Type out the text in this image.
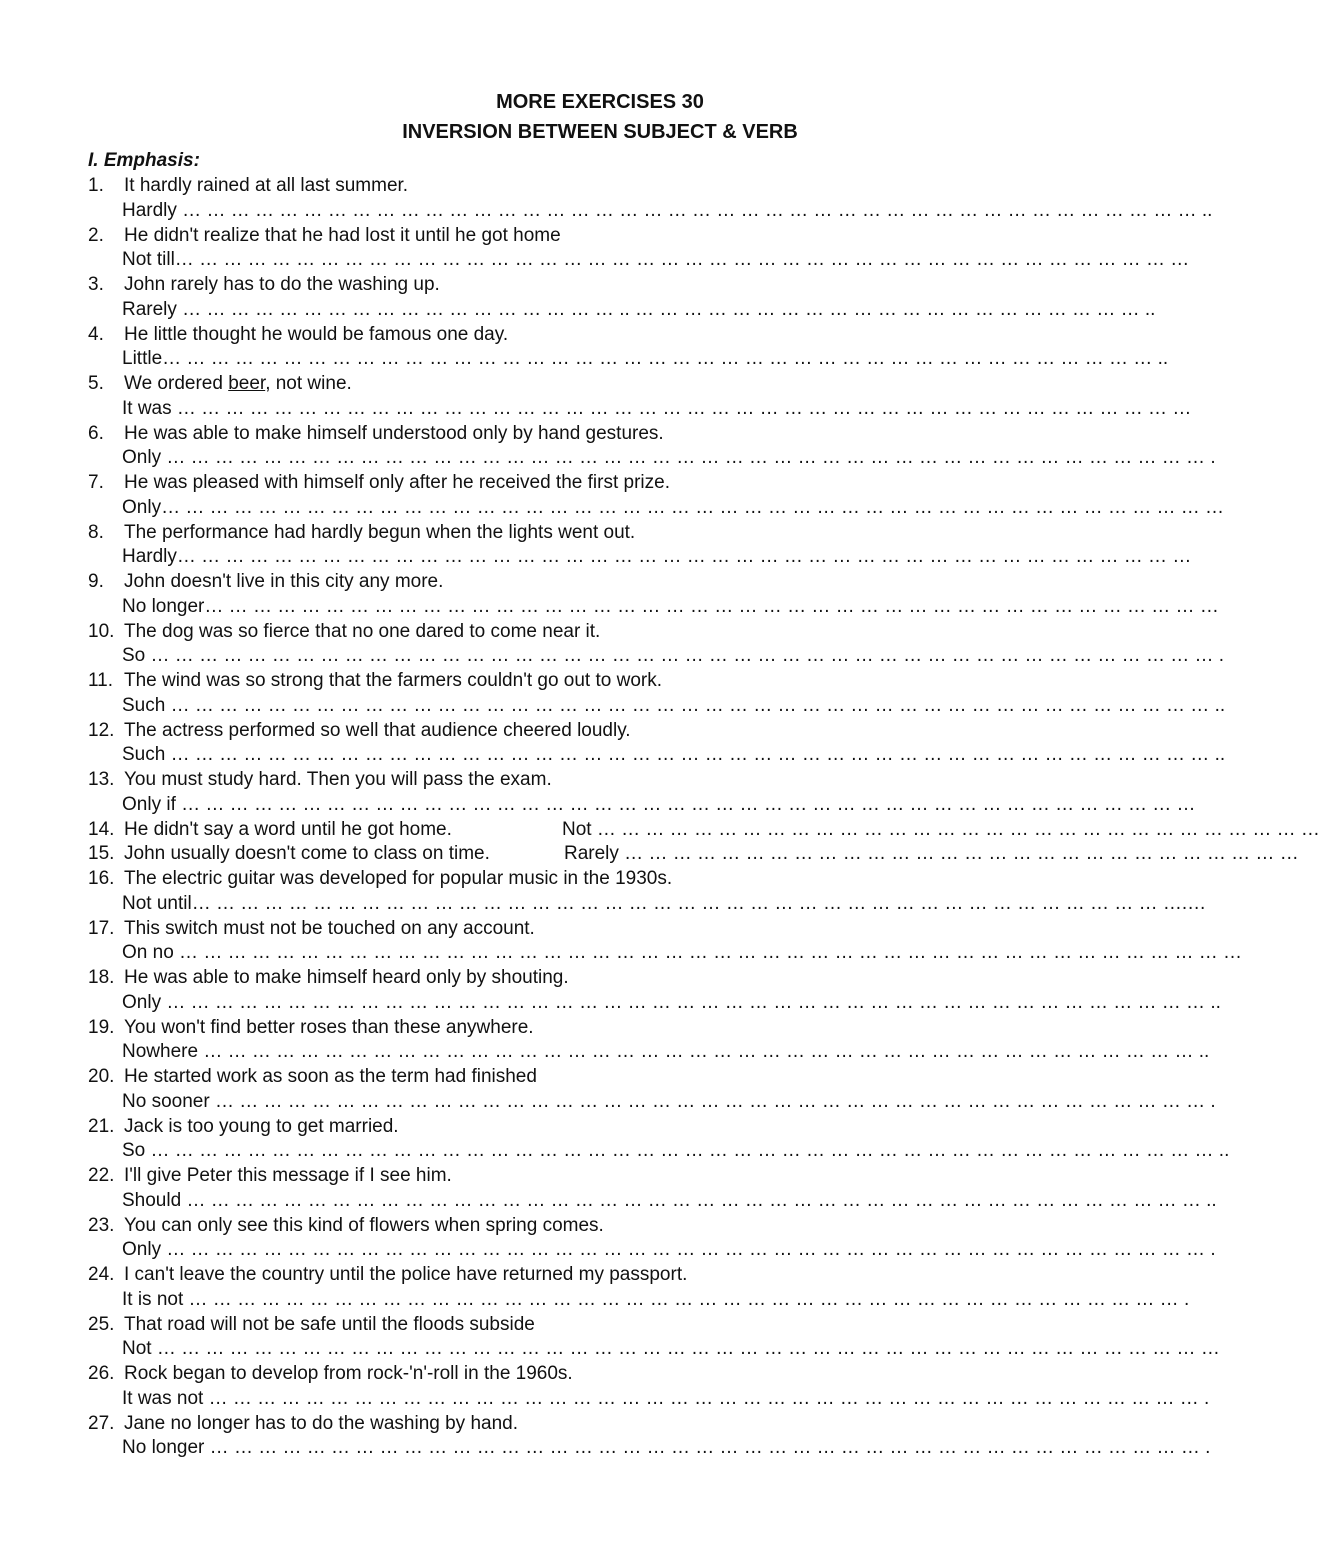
MORE EXERCISES 30
INVERSION BETWEEN SUBJECT & VERB
I. Emphasis:
1.	It hardly rained at all last summer.
Hardly … … … … … … … … … … … … … … … … … … … … … … … … … … … … … … … … … … … … … … … … … … ..
2.	He didn't realize that he had lost it until he got home
Not till… … … … … … … … … … … … … … … … … … … … … … … … … … … … … … … … … … … … … … … … … …
3.	John rarely has to do the washing up.
Rarely … … … … … … … … … … … … … … … … … … .. … … … … … … … … … … … … … … … … … … … … … ..
4.	He little thought he would be famous one day.
Little… … … … … … … … … … … … … … … … … … … … … … … … … … … … … … … … … … … … … … … … … ..
5.	We ordered beer, not wine.
It was … … … … … … … … … … … … … … … … … … … … … … … … … … … … … … … … … … … … … … … … … …
6.	He was able to make himself understood only by hand gestures.
Only … … … … … … … … … … … … … … … … … … … … … … … … … … … … … … … … … … … … … … … … … … … .
7.	He was pleased with himself only after he received the first prize.
Only… … … … … … … … … … … … … … … … … … … … … … … … … … … … … … … … … … … … … … … … … … … …
8.	The performance had hardly begun when the lights went out.
Hardly… … … … … … … … … … … … … … … … … … … … … … … … … … … … … … … … … … … … … … … … … …
9.	John doesn't live in this city any more.
No longer… … … … … … … … … … … … … … … … … … … … … … … … … … … … … … … … … … … … … … … … … …
10. The dog was so fierce that no one dared to come near it.
So … … … … … … … … … … … … … … … … … … … … … … … … … … … … … … … … … … … … … … … … … … … … .
11. The wind was so strong that the farmers couldn't go out to work.
Such … … … … … … … … … … … … … … … … … … … … … … … … … … … … … … … … … … … … … … … … … … … ..
12. The actress performed so well that audience cheered loudly.
Such … … … … … … … … … … … … … … … … … … … … … … … … … … … … … … … … … … … … … … … … … … … ..
13. You must study hard. Then you will pass the exam.
Only if … … … … … … … … … … … … … … … … … … … … … … … … … … … … … … … … … … … … … … … … … …
14. He didn't say a word until he got home.	Not … … … … … … … … … … … … … … … … … … … … … … … … … … … … … …
15. John usually doesn't come to class on time.	Rarely … … … … … … … … … … … … … … … … … … … … … … … … … … … …
16. The electric guitar was developed for popular music in the 1930s.
Not until… … … … … … … … … … … … … … … … … … … … … … … … … … … … … … … … … … … … … … … … ….…
17. This switch must not be touched on any account.
On no … … … … … … … … … … … … … … … … … … … … … … … … … … … … … … … … … … … … … … … … … … … …
18. He was able to make himself heard only by shouting.
Only … … … … … … … … … … … … … … … … … … … … … … … … … … … … … … … … … … … … … … … … … … … ..
19. You won't find better roses than these anywhere.
Nowhere … … … … … … … … … … … … … … … … … … … … … … … … … … … … … … … … … … … … … … … … … ..
20. He started work as soon as the term had finished
No sooner … … … … … … … … … … … … … … … … … … … … … … … … … … … … … … … … … … … … … … … … … .
21. Jack is too young to get married.
So … … … … … … … … … … … … … … … … … … … … … … … … … … … … … … … … … … … … … … … … … … … … ..
22. I'll give Peter this message if I see him.
Should … … … … … … … … … … … … … … … … … … … … … … … … … … … … … … … … … … … … … … … … … … ..
23. You can only see this kind of flowers when spring comes.
Only … … … … … … … … … … … … … … … … … … … … … … … … … … … … … … … … … … … … … … … … … … … .
24. I can't leave the country until the police have returned my passport.
It is not … … … … … … … … … … … … … … … … … … … … … … … … … … … … … … … … … … … … … … … … … .
25. That road will not be safe until the floods subside
Not … … … … … … … … … … … … … … … … … … … … … … … … … … … … … … … … … … … … … … … … … … … …
26. Rock began to develop from rock-'n'-roll in the 1960s.
It was not … … … … … … … … … … … … … … … … … … … … … … … … … … … … … … … … … … … … … … … … … .
27. Jane no longer has to do the washing by hand.
No longer … … … … … … … … … … … … … … … … … … … … … … … … … … … … … … … … … … … … … … … … … .
